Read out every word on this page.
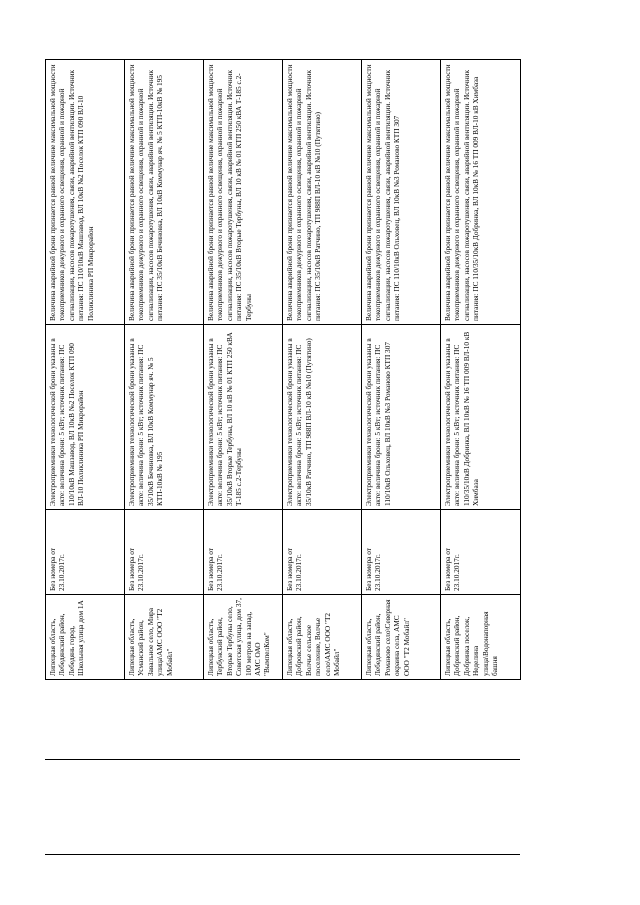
Липецкая область, Лебедянский район, Лебедянь город, Школьная улица дом 1А	Без номера от 23.10.2017г.	Электроприемники технологической брони указаны в акте: величина брони: 5 кВт; источник питания: ПС 110/10кВ Машзавод, ВЛ 10кВ №2 Поселок КТП 090 ВЛ-10 Поликлиника РП Микрорайон	Величина аварийной брони признается равной величине максимальной мощности токоприемников дежурного и охранного освещения, охранной и пожарной сигнализации, насосов пожаротушения, связи, аварийной вентиляции. Источник питания: ПС 110/10кВ Машзавод, ВЛ 10кВ №2 Поселок КТП 090 ВЛ-10 Поликлиника РП Микрорайон
Липецкая область, Усманский район, Завальное село, Мира улица\АМС ООО "Т2 Мобайл"	Без номера от 23.10.2017г.	Электроприемники технологической брони указаны в акте: величина брони: 5 кВт; источник питания: ПС 35/10кВ Бечиновка, ВЛ 10кВ Коммунар яч. № 5 КТП-10кВ № 195	Величина аварийной брони признается равной величине максимальной мощности токоприемников дежурного и охранного освещения, охранной и пожарной сигнализации, насосов пожаротушения, связи, аварийной вентиляции. Источник питания: ПС 35/10кВ Бечиновка, ВЛ 10кВ Коммунар яч. № 5 КТП-10кВ № 195
Липецкая область, Тербунский район, Вторые Тербуны село, Советская улица, дом 37, 100 метров на запад, АМС ОАО "ВымпелКом"	Без номера от 23.10.2017г.	Электроприемники технологической брони указаны в акте: величина брони: 5 кВт; источник питания: ПС 35/10кВ Вторые Тербуны, ВЛ 10 кВ № 01 КТП 250 кВА Т-185 с.2-Тербуны	Величина аварийной брони признается равной величине максимальной мощности токоприемников дежурного и охранного освещения, охранной и пожарной сигнализации, насосов пожаротушения, связи, аварийной вентиляции. Источник питания: ПС 35/10кВ Вторые Тербуны, ВЛ 10 кВ № 01 КТП 250 кВА Т-185 с.2-Тербуны
Липецкая область, Добровский район, Волчье сельское поселение, Волчье село\АМС ООО "Т2 Мобайл"	Без номера от 23.10.2017г.	Электроприемники технологической брони указаны в акте: величина брони: 5 кВт; источник питания: ПС 35/10кВ Ратчино, ТП 988П ВЛ-10 кВ №10 (Путятино)	Величина аварийной брони признается равной величине максимальной мощности токоприемников дежурного и охранного освещения, охранной и пожарной сигнализации, насосов пожаротушения, связи, аварийной вентиляции. Источник питания: ПС 35/10кВ Ратчино, ТП 988П ВЛ-10 кВ №10 (Путятино)
Липецкая область, Лебедянский район, Романово село\Северная окраина села, АМС ООО "Т2 Мобайл"	Без номера от 23.10.2017г.	Электроприемники технологической брони указаны в акте: величина брони: 5 кВт; источник питания: ПС 110/10кВ Ольховец, ВЛ 10кВ №3 Романово КТП 307	Величина аварийной брони признается равной величине максимальной мощности токоприемников дежурного и охранного освещения, охранной и пожарной сигнализации, насосов пожаротушения, связи, аварийной вентиляции. Источник питания: ПС 110/10кВ Ольховец, ВЛ 10кВ №3 Романово КТП 307
Липецкая область, Добринский район, Добринка поселок, Неделина улица\Водонапорная башня	Без номера от 23.10.2017г.	Электроприемники технологической брони указаны в акте: величина брони: 5 кВт; источник питания: ПС 110/35/10кВ Добринка, ВЛ 10кВ № 16 ТП 009 ВЛ-10 кВ Химбаза	Величина аварийной брони признается равной величине максимальной мощности токоприемников дежурного и охранного освещения, охранной и пожарной сигнализации, насосов пожаротушения, связи, аварийной вентиляции. Источник питания: ПС 110/35/10кВ Добринка, ВЛ 10кВ № 16 ТП 009 ВЛ-10 кВ Химбаза
